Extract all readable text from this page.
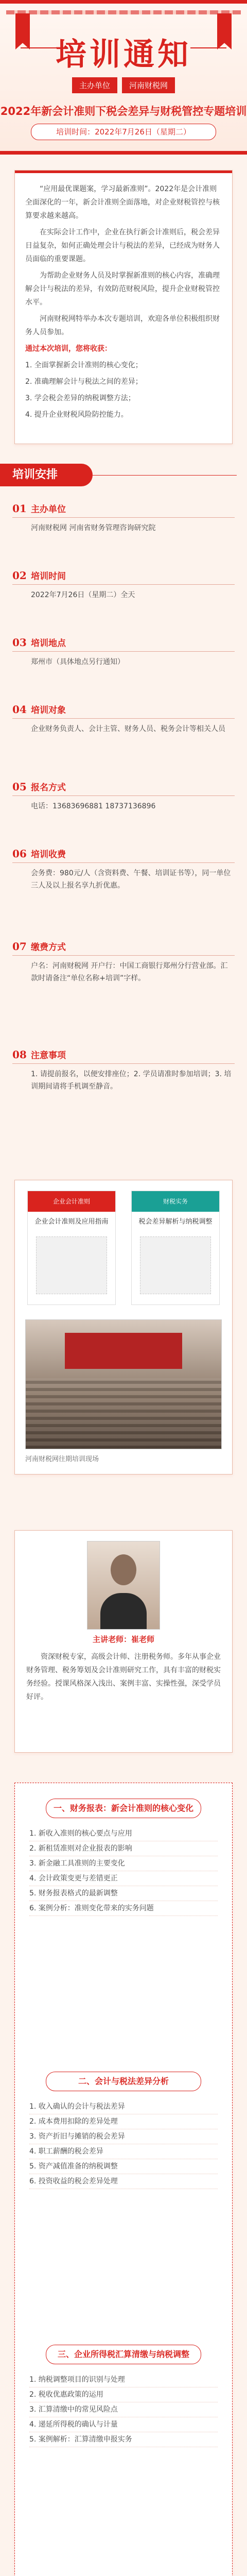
培训通知
主办单位 河南财税网
2022年新会计准则下税会差异与财税管控专题培训
培训时间：2022年7月26日（星期二）

“应用最优课题案，学习最新准则”。2022年是会计准则全面深化的一年，新会计准则全面落地，对企业财税管控与核算要求越来越高。

在实际会计工作中，企业在执行新会计准则后，税会差异日益复杂，如何正确处理会计与税法的差异，已经成为财务人员面临的重要课题。

为帮助企业财务人员及时掌握新准则的核心内容，准确理解会计与税法的差异，有效防范财税风险，提升企业财税管控水平。

河南财税网特举办本次专题培训，欢迎各单位积极组织财务人员参加。

通过本次培训，您将收获：

1. 全面掌握新会计准则的核心变化；

2. 准确理解会计与税法之间的差异；

3. 学会税会差异的纳税调整方法；

4. 提升企业财税风险防控能力。

培训安排
01 主办单位
河南财税网 河南省财务管理咨询研究院
02 培训时间
2022年7月26日（星期二）全天
03 培训地点
郑州市（具体地点另行通知）
04 培训对象
企业财务负责人、会计主管、财务人员、税务会计等相关人员
05 报名方式
电话：13683696881 18737136896
06 培训收费
会务费：980元/人（含资料费、午餐、培训证书等），同一单位三人及以上报名享九折优惠。
07 缴费方式
户名：河南财税网 开户行：中国工商银行郑州分行营业部。汇款时请备注“单位名称+培训”字样。
08 注意事项
1. 请提前报名，以便安排座位；2. 学员请准时参加培训；3. 培训期间请将手机调至静音。
企业会计准则
企业会计准则及应用指南
财税实务
税会差异解析与纳税调整
河南财税网往期培训现场
主讲老师：崔老师
资深财税专家，高级会计师、注册税务师。多年从事企业财务管理、税务筹划及会计准则研究工作，具有丰富的财税实务经验。授课风格深入浅出、案例丰富、实操性强，深受学员好评。
一、财务报表：新会计准则的核心变化
1. 新收入准则的核心要点与应用
2. 新租赁准则对企业报表的影响
3. 新金融工具准则的主要变化
4. 会计政策变更与差错更正
5. 财务报表格式的最新调整
6. 案例分析：准则变化带来的实务问题
二、会计与税法差异分析
1. 收入确认的会计与税法差异
2. 成本费用扣除的差异处理
3. 资产折旧与摊销的税会差异
4. 职工薪酬的税会差异
5. 资产减值准备的纳税调整
6. 投资收益的税会差异处理
三、企业所得税汇算清缴与纳税调整
1. 纳税调整项目的识别与处理
2. 税收优惠政策的运用
3. 汇算清缴中的常见风险点
4. 递延所得税的确认与计量
5. 案例解析：汇算清缴申报实务
